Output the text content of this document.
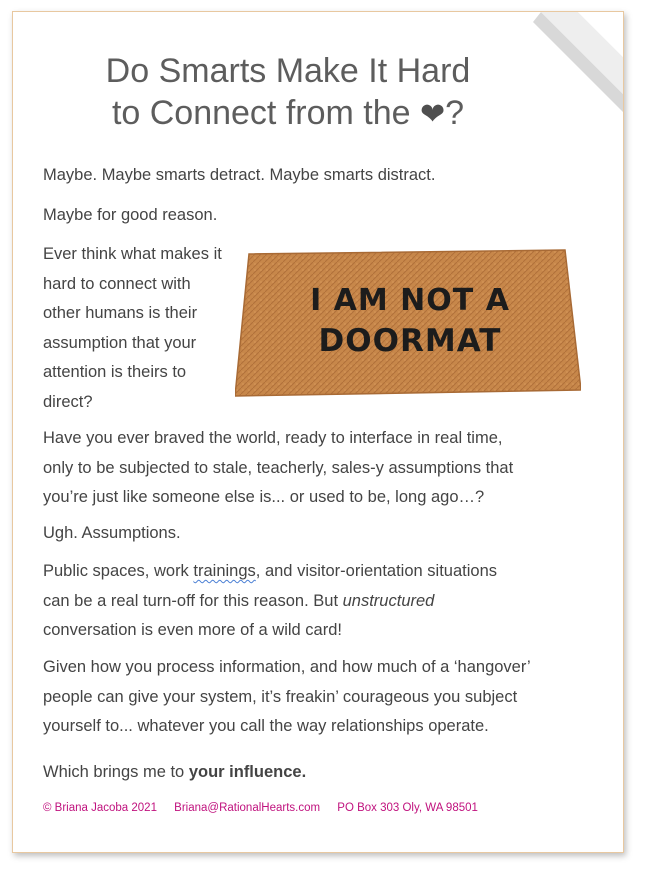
Do Smarts Make It Hard
to Connect from the ❤?

Maybe. Maybe smarts detract. Maybe smarts distract.

Maybe for good reason.

Ever think what makes it
hard to connect with
other humans is their
assumption that your
attention is theirs to
direct?
I AM NOT A
DOORMAT
Have you ever braved the world, ready to interface in real time,
only to be subjected to stale, teacherly, sales-y assumptions that
you’re just like someone else is... or used to be, long ago…?

Ugh. Assumptions.

Public spaces, work trainings, and visitor-orientation situations
can be a real turn-off for this reason. But unstructured
conversation is even more of a wild card!
Given how you process information, and how much of a ‘hangover’
people can give your system, it’s freakin’ courageous you subject
yourself to... whatever you call the way relationships operate.
Which brings me to your influence.
© Briana Jacoba 2021 Briana@RationalHearts.com PO Box 303 Oly, WA 98501
